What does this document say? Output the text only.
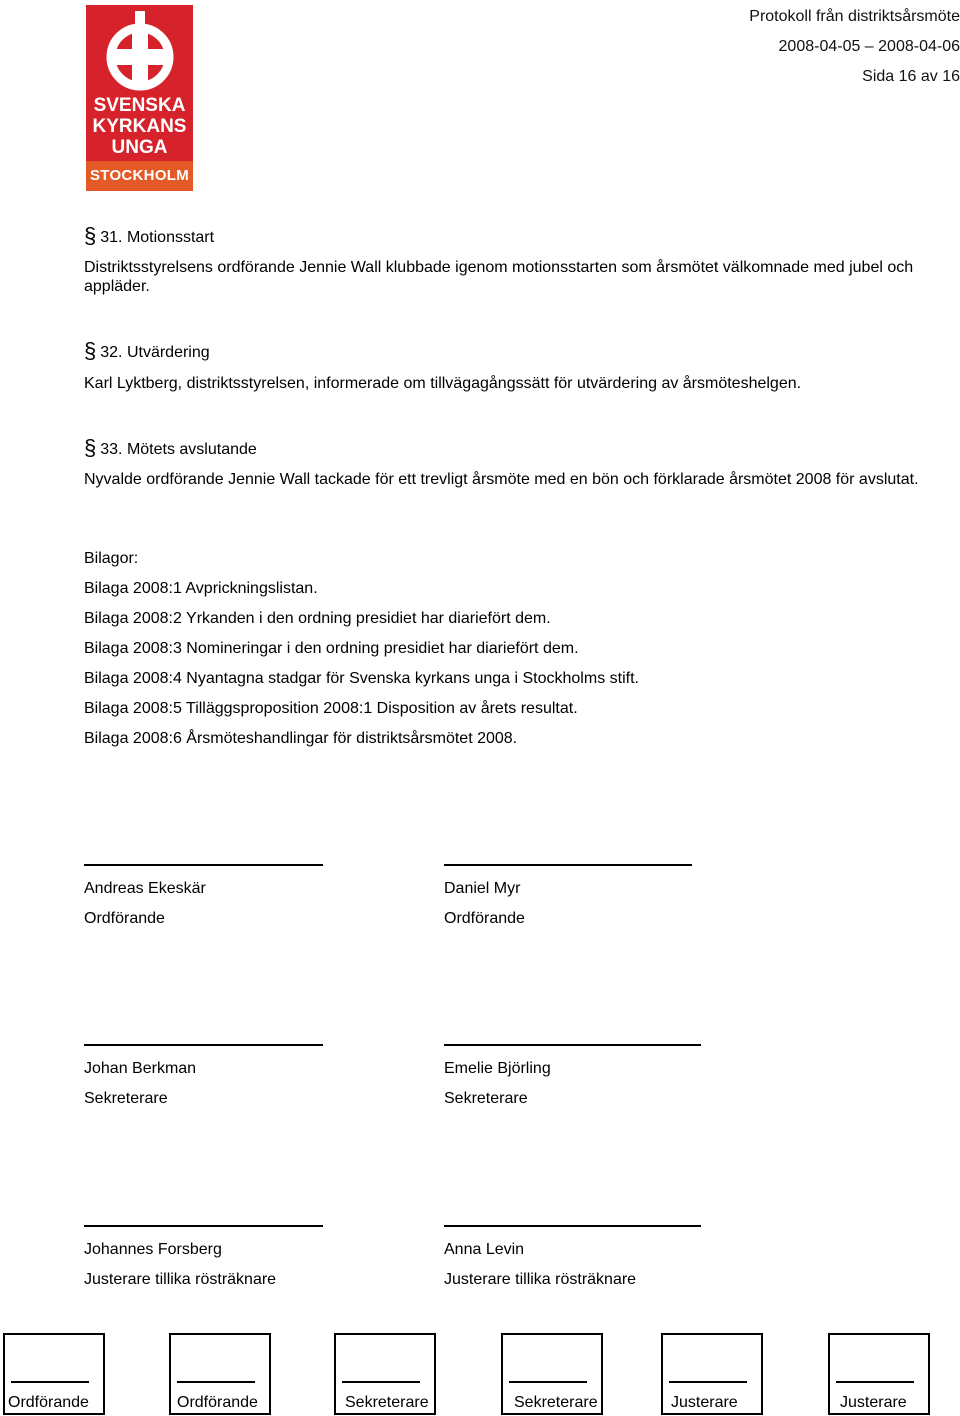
SVENSKA
KYRKANS
UNGA
STOCKHOLM
Protokoll från distriktsårsmöte
2008-04-05 – 2008-04-06
Sida 16 av 16
§ 31. Motionsstart
Distriktsstyrelsens ordförande Jennie Wall klubbade igenom motionsstarten som årsmötet välkomnade med jubel och appläder.
§ 32. Utvärdering
Karl Lyktberg, distriktsstyrelsen, informerade om tillvägagångssätt för utvärdering av årsmöteshelgen.
§ 33. Mötets avslutande
Nyvalde ordförande Jennie Wall tackade för ett trevligt årsmöte med en bön och förklarade årsmötet 2008 för avslutat.
Bilagor:
Bilaga 2008:1 Avprickningslistan.
Bilaga 2008:2 Yrkanden i den ordning presidiet har diariefört dem.
Bilaga 2008:3 Nomineringar i den ordning presidiet har diariefört dem.
Bilaga 2008:4 Nyantagna stadgar för Svenska kyrkans unga i Stockholms stift.
Bilaga 2008:5 Tilläggsproposition 2008:1 Disposition av årets resultat.
Bilaga 2008:6 Årsmöteshandlingar för distriktsårsmötet 2008.
Andreas Ekeskär
Ordförande
Daniel Myr
Ordförande
Johan Berkman
Sekreterare
Emelie Björling
Sekreterare
Johannes Forsberg
Justerare tillika rösträknare
Anna Levin
Justerare tillika rösträknare
Ordförande	Ordförande	Sekreterare	Sekreterare	Justerare	Justerare
